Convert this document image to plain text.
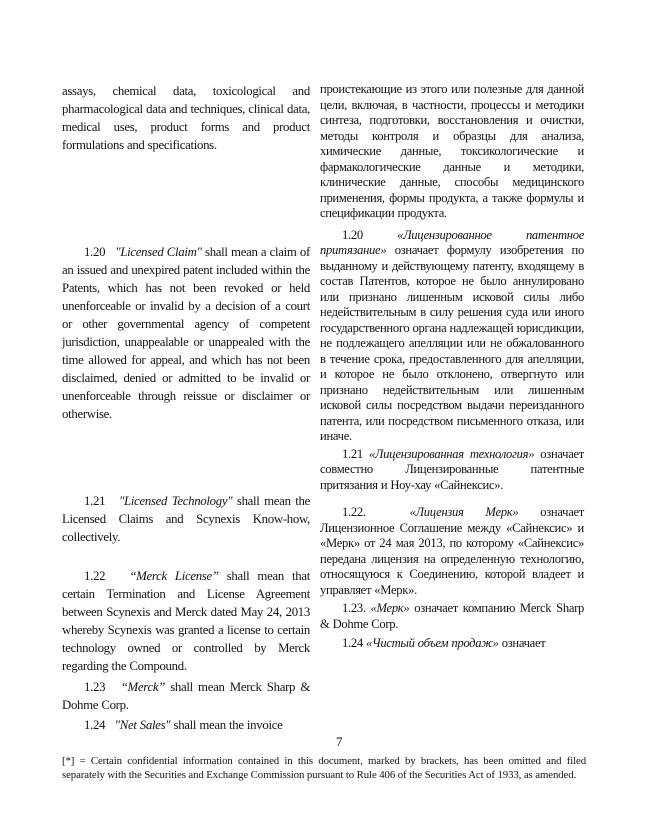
assays, chemical data, toxicological and pharmacological data and techniques, clinical data, medical uses, product forms and product formulations and specifications.

1.20   "Licensed Claim" shall mean a claim of an issued and unexpired patent included within the Patents, which has not been revoked or held unenforceable or invalid by a decision of a court or other governmental agency of competent jurisdiction, unappealable or unappealed with the time allowed for appeal, and which has not been disclaimed, denied or admitted to be invalid or unenforceable through reissue or disclaimer or otherwise.

1.21   "Licensed Technology" shall mean the Licensed Claims and Scynexis Know-how, collectively.

1.22   “Merck License” shall mean that certain Termination and License Agreement between Scynexis and Merck dated May 24, 2013 whereby Scynexis was granted a license to certain technology owned or controlled by Merck regarding the Compound.

1.23   “Merck” shall mean Merck Sharp & Dohme Corp.

1.24   "Net Sales" shall mean the invoice

проистекающие из этого или полезные для данной цели, включая, в частности, процессы и методики синтеза, подготовки, восстановления и очистки, методы контроля и образцы для анализа, химические данные, токсикологические и фармакологические данные и методики, клинические данные, способы медицинского применения, формы продукта, а также формулы и спецификации продукта.

1.20 «Лицензированное патентное притязание» означает формулу изобретения по выданному и действующему патенту, входящему в состав Патентов, которое не было аннулировано или признано лишенным исковой силы либо недействительным в силу решения суда или иного государственного органа надлежащей юрисдикции, не подлежащего апелляции или не обжалованного в течение срока, предоставленного для апелляции, и которое не было отклонено, отвергнуто или признано недействительным или лишенным исковой силы посредством выдачи переизданного патента, или посредством письменного отказа, или иначе.

1.21 «Лицензированная технология» означает совместно Лицензированные патентные притязания и Ноу-хау «Сайнексис».

1.22.  «Лицензия Мерк» означает Лицензионное Соглашение между «Сайнексис» и «Мерк» от 24 мая 2013, по которому «Сайнексис» передана лицензия на определенную технологию, относящуюся к Соединению, которой владеет и управляет «Мерк».

1.23. «Мерк» означает компанию Merck Sharp & Dohme Corp.

1.24 «Чистый объем продаж» означает

7
[*] = Certain confidential information contained in this document, marked by brackets, has been omitted and filed separately with the Securities and Exchange Commission pursuant to Rule 406 of the Securities Act of 1933, as amended.
